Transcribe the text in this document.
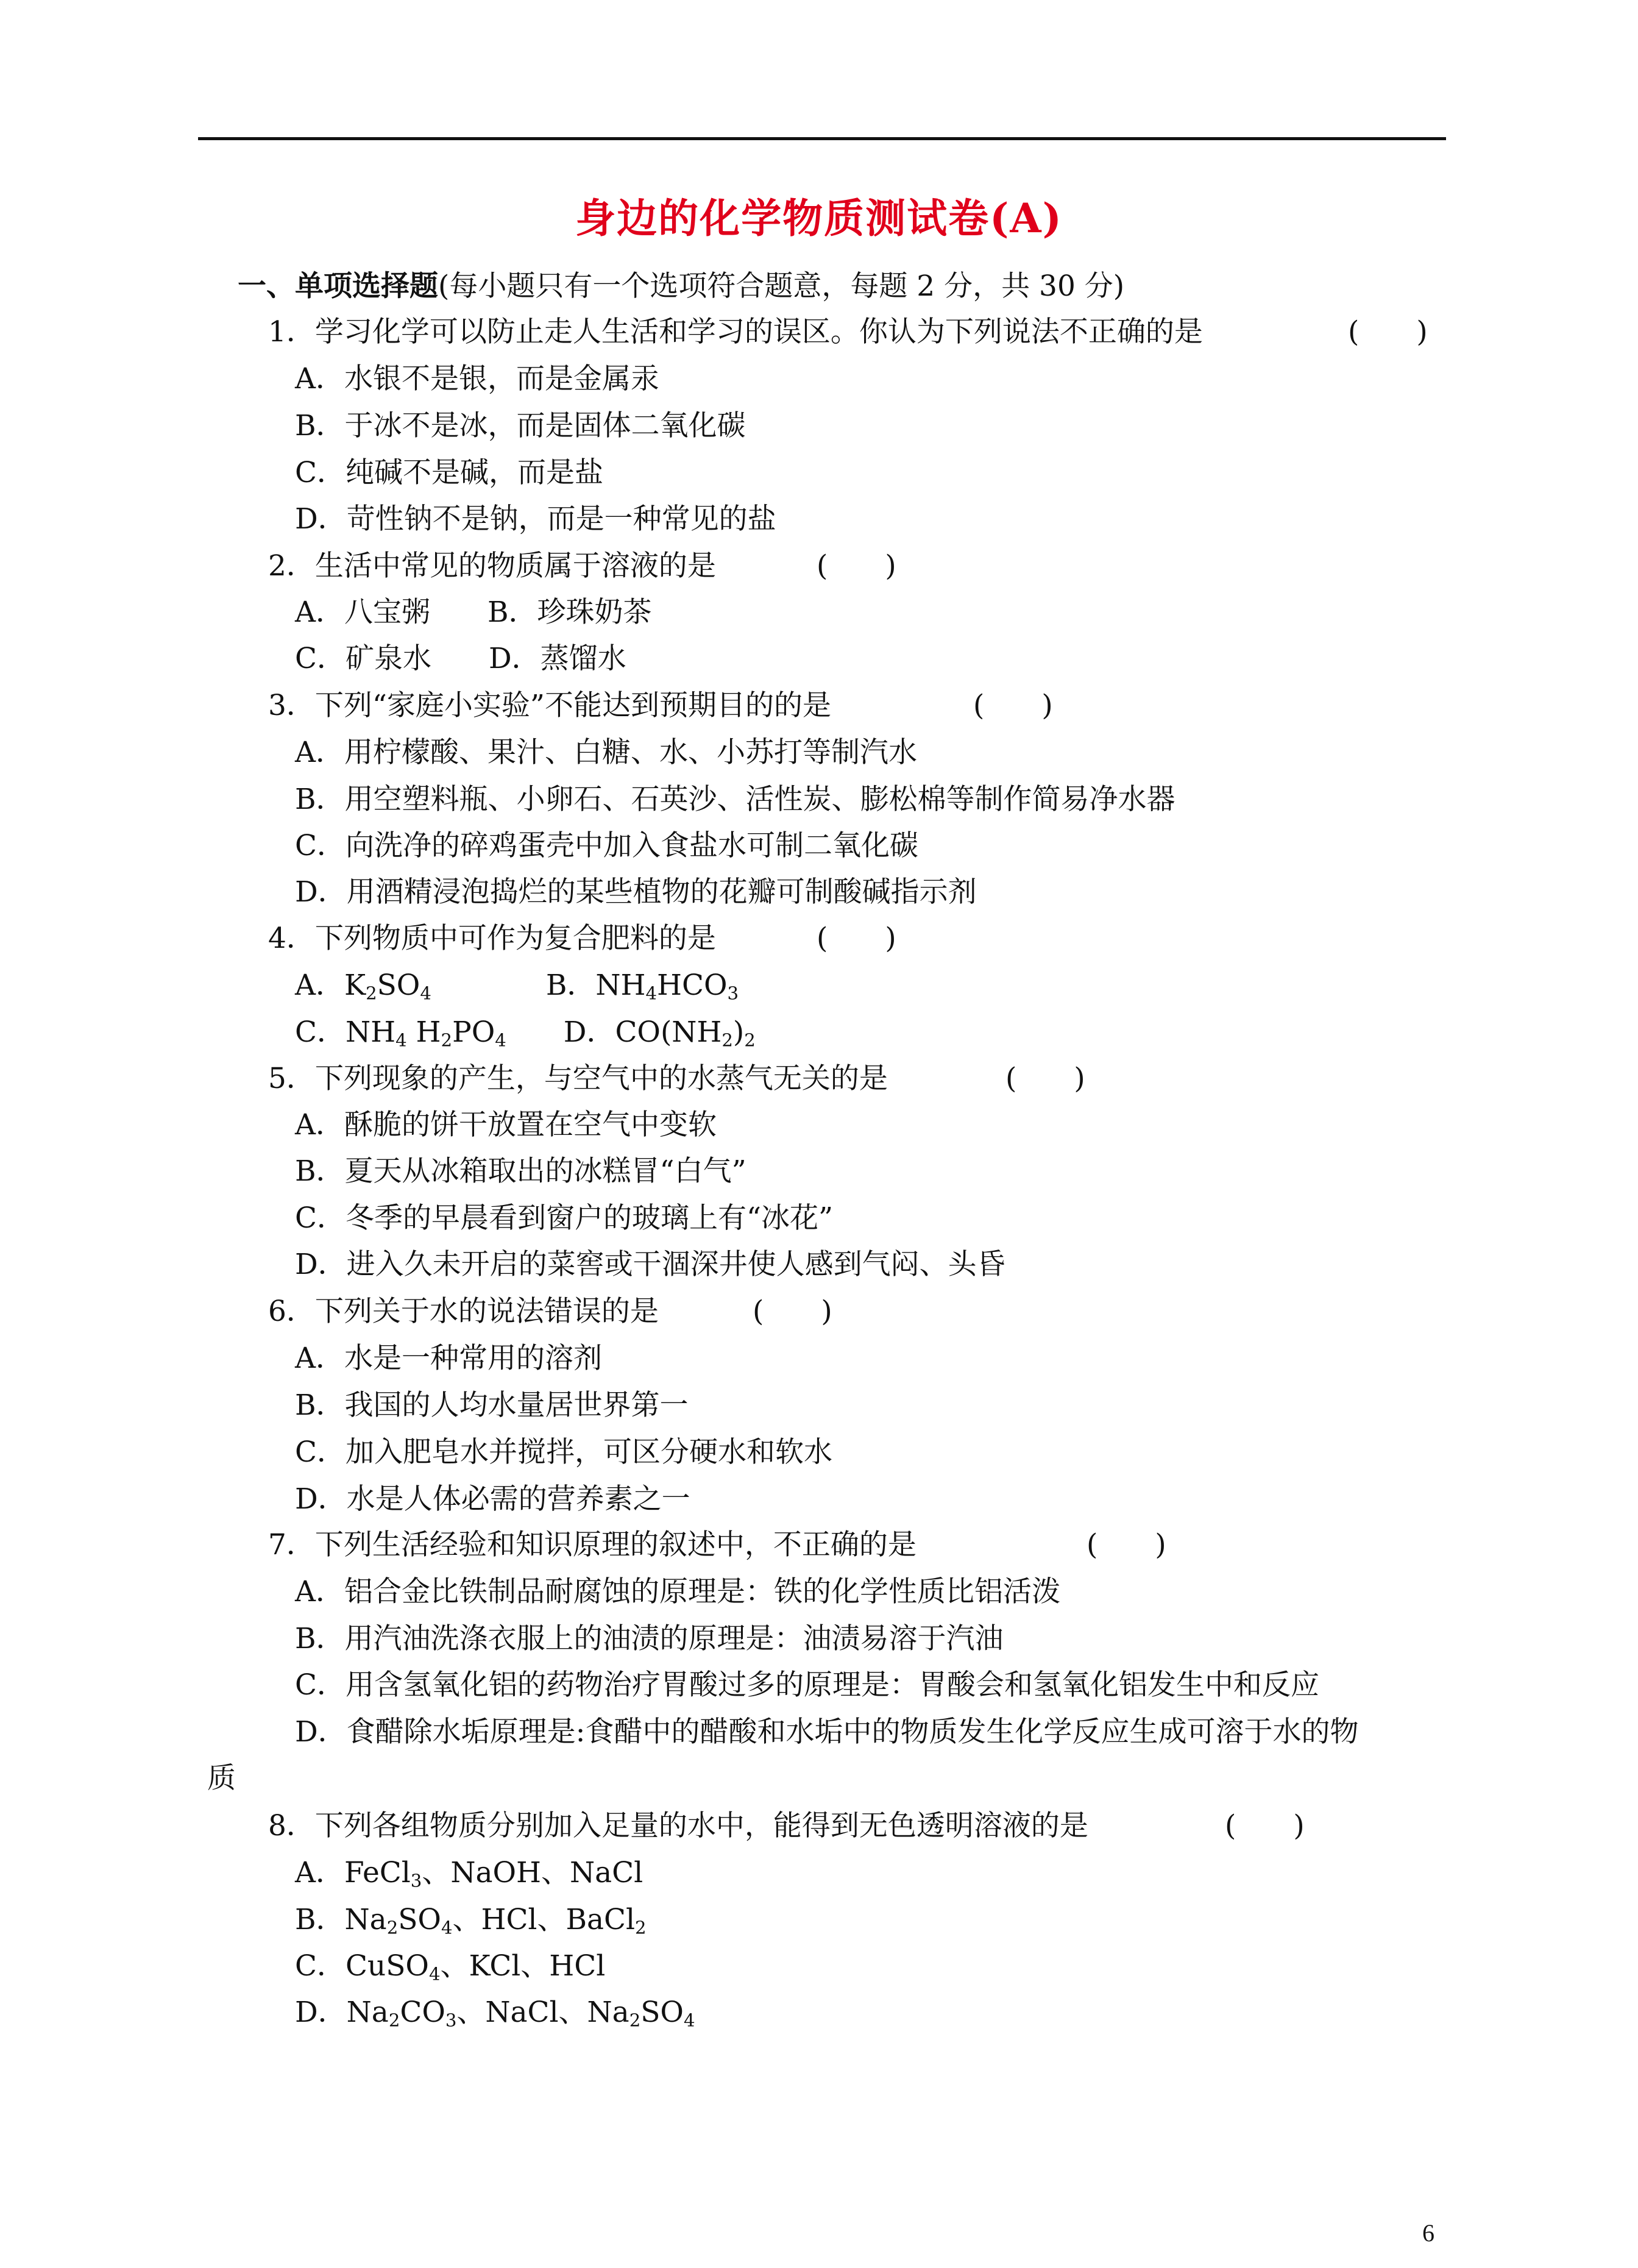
身边的化学物质测试卷(A)
一、单项选择题(每小题只有一个选项符合题意，每题 2 分，共 30 分)
1．学习化学可以防止走人生活和学习的误区。你认为下列说法不正确的是	(　　)
A．水银不是银，而是金属汞
B．于冰不是冰，而是固体二氧化碳
C．纯碱不是碱，而是盐
D．苛性钠不是钠，而是一种常见的盐
2．生活中常见的物质属于溶液的是	(　　)
A．八宝粥　　B．珍珠奶茶
C．矿泉水　　D．蒸馏水
3．下列“家庭小实验”不能达到预期目的的是	(　　)
A．用柠檬酸、果汁、白糖、水、小苏打等制汽水
B．用空塑料瓶、小卵石、石英沙、活性炭、膨松棉等制作简易净水器
C．向洗净的碎鸡蛋壳中加入食盐水可制二氧化碳
D．用酒精浸泡捣烂的某些植物的花瓣可制酸碱指示剂
4．下列物质中可作为复合肥料的是	(　　)
A．$K_2SO_4$　　　　B．$NH_4HCO_3$
C．$NH_4$ $H_2PO_4$　　D．$CO(NH_2)_2$
5．下列现象的产生，与空气中的水蒸气无关的是	(　　)
A．酥脆的饼干放置在空气中变软
B．夏天从冰箱取出的冰糕冒“白气”
C．冬季的早晨看到窗户的玻璃上有“冰花”
D．进入久未开启的菜窖或干涸深井使人感到气闷、头昏
6．下列关于水的说法错误的是	(　　)
A．水是一种常用的溶剂
B．我国的人均水量居世界第一
C．加入肥皂水并搅拌，可区分硬水和软水
D．水是人体必需的营养素之一
7．下列生活经验和知识原理的叙述中，不正确的是	(　　)
A．铝合金比铁制品耐腐蚀的原理是：铁的化学性质比铝活泼
B．用汽油洗涤衣服上的油渍的原理是：油渍易溶于汽油
C．用含氢氧化铝的药物治疗胃酸过多的原理是：胃酸会和氢氧化铝发生中和反应
D．食醋除水垢原理是:食醋中的醋酸和水垢中的物质发生化学反应生成可溶于水的物
质
8．下列各组物质分别加入足量的水中，能得到无色透明溶液的是	(　　)
A．FeCl$_3$、NaOH、NaCl
B．$Na_2SO_4$、HCl、BaCl$_2$
C．CuSO$_4$、KCl、HCl
D．$Na_2CO_3$、NaCl、$Na_2SO_4$
6
